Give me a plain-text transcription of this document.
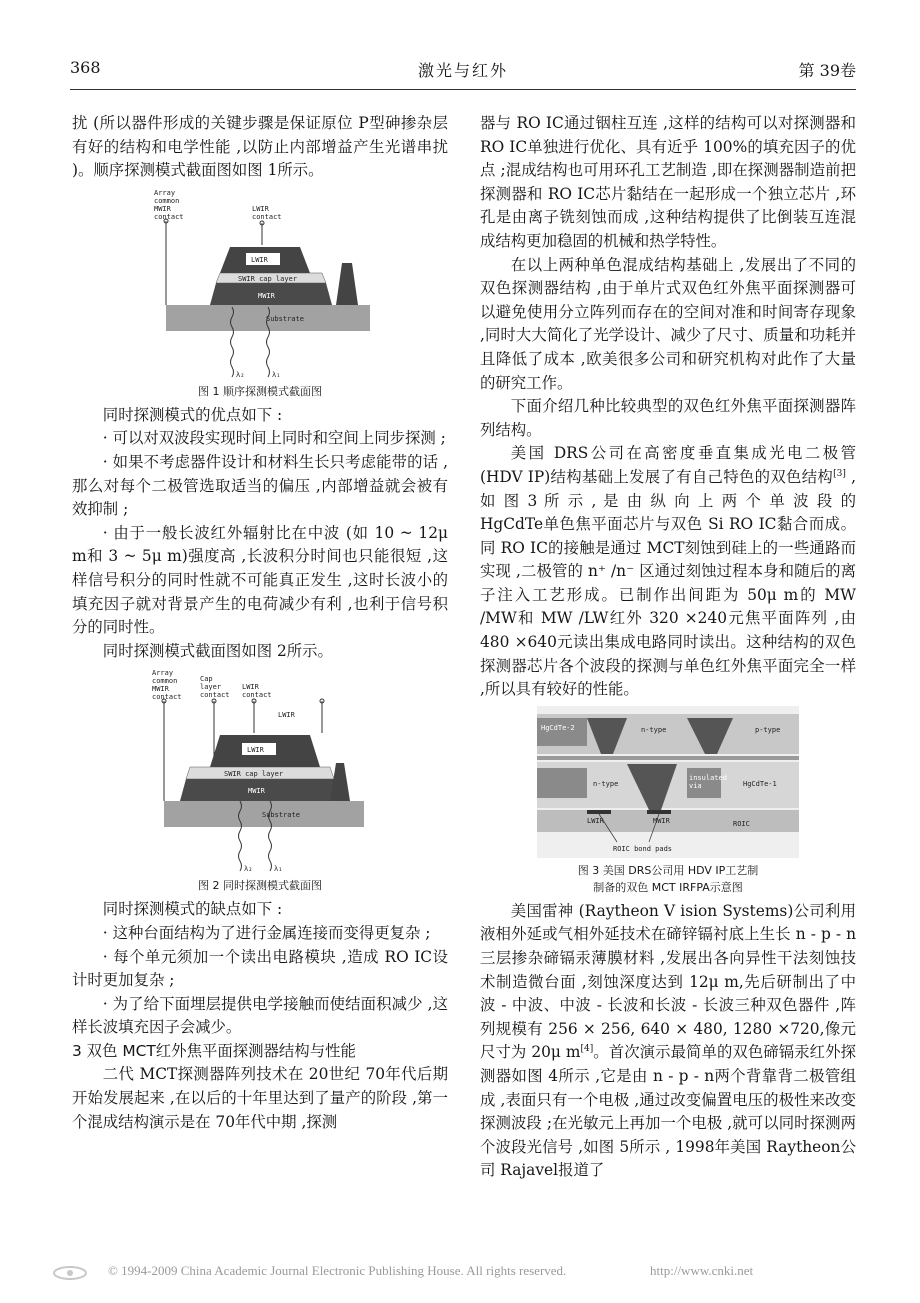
368	激光与红外	第 39卷

扰 (所以器件形成的关键步骤是保证原位 P型砷掺杂层有好的结构和电学性能 ,以防止内部增益产生光谱串扰 )。顺序探测模式截面图如图 1所示。

Array
common
MWIR
contact
LWIR
contact
Substrate
MWIR
SWIR cap layer
LWIR
λ₂	λ₁
图 1 顺序探测模式截面图

同时探测模式的优点如下 :

· 可以对双波段实现时间上同时和空间上同步探测 ;

· 如果不考虑器件设计和材料生长只考虑能带的话 ,那么对每个二极管选取适当的偏压 ,内部增益就会被有效抑制 ;

· 由于一般长波红外辐射比在中波 (如 10 ~ 12μ m和 3 ~ 5μ m)强度高 ,长波积分时间也只能很短 ,这样信号积分的同时性就不可能真正发生 ,这时长波小的填充因子就对背景产生的电荷减少有利 ,也利于信号积分的同时性。

同时探测模式截面图如图 2所示。

Array
common
MWIR
contact
Cap
layer
contact
LWIR
contact
LWIR
Substrate
MWIR
SWIR cap layer
LWIR
λ₂	λ₁
图 2 同时探测模式截面图

同时探测模式的缺点如下 :

· 这种台面结构为了进行金属连接而变得更复杂 ;

· 每个单元须加一个读出电路模块 ,造成 RO IC设计时更加复杂 ;

· 为了给下面埋层提供电学接触而使结面积减少 ,这样长波填充因子会减少。

3 双色 MCT红外焦平面探测器结构与性能

二代 MCT探测器阵列技术在 20世纪 70年代后期开始发展起来 ,在以后的十年里达到了量产的阶段 ,第一个混成结构演示是在 70年代中期 ,探测

器与 RO IC通过铟柱互连 ,这样的结构可以对探测器和 RO IC单独进行优化、具有近乎 100%的填充因子的优点 ;混成结构也可用环孔工艺制造 ,即在探测器制造前把探测器和 RO IC芯片黏结在一起形成一个独立芯片 ,环孔是由离子铣刻蚀而成 ,这种结构提供了比倒装互连混成结构更加稳固的机械和热学特性。

在以上两种单色混成结构基础上 ,发展出了不同的双色探测器结构 ,由于单片式双色红外焦平面探测器可以避免使用分立阵列而存在的空间对准和时间寄存现象 ,同时大大简化了光学设计、减少了尺寸、质量和功耗并且降低了成本 ,欧美很多公司和研究机构对此作了大量的研究工作。

下面介绍几种比较典型的双色红外焦平面探测器阵列结构。

美国 DRS公司在高密度垂直集成光电二极管 (HDV IP)结构基础上发展了有自己特色的双色结构[3] ,如 图 3 所 示 , 是 由 纵 向 上 两 个 单 波 段 的 HgCdTe单色焦平面芯片与双色 Si RO IC黏合而成。同 RO IC的接触是通过 MCT刻蚀到硅上的一些通路而实现 ,二极管的 n⁺ /n⁻ 区通过刻蚀过程本身和随后的离子注入工艺形成。已制作出间距为 50μ m的 MW /MW和 MW /LW红外 320 ×240元焦平面阵列 ,由 480 ×640元读出集成电路同时读出。这种结构的双色探测器芯片各个波段的探测与单色红外焦平面完全一样 ,所以具有较好的性能。

HgCdTe-2	n-type	p-type
n-type
insulated
via	HgCdTe-1
LWIR	MWIR	ROIC
ROIC bond pads
图 3 美国 DRS公司用 HDV IP工艺制
制备的双色 MCT IRFPA示意图

美国雷神 (Raytheon V ision Systems)公司利用液相外延或气相外延技术在碲锌镉衬底上生长 n - p - n三层掺杂碲镉汞薄膜材料 ,发展出各向异性干法刻蚀技术制造微台面 ,刻蚀深度达到 12μ m,先后研制出了中波 - 中波、中波 - 长波和长波 - 长波三种双色器件 ,阵列规模有 256 × 256, 640 × 480, 1280 ×720,像元尺寸为 20μ m[4]。首次演示最简单的双色碲镉汞红外探测器如图 4所示 ,它是由 n - p - n两个背靠背二极管组成 ,表面只有一个电极 ,通过改变偏置电压的极性来改变探测波段 ;在光敏元上再加一个电极 ,就可以同时探测两个波段光信号 ,如图 5所示 , 1998年美国 Raytheon公司 Rajavel报道了

© 1994-2009 China Academic Journal Electronic Publishing House. All rights reserved.	http://www.cnki.net
